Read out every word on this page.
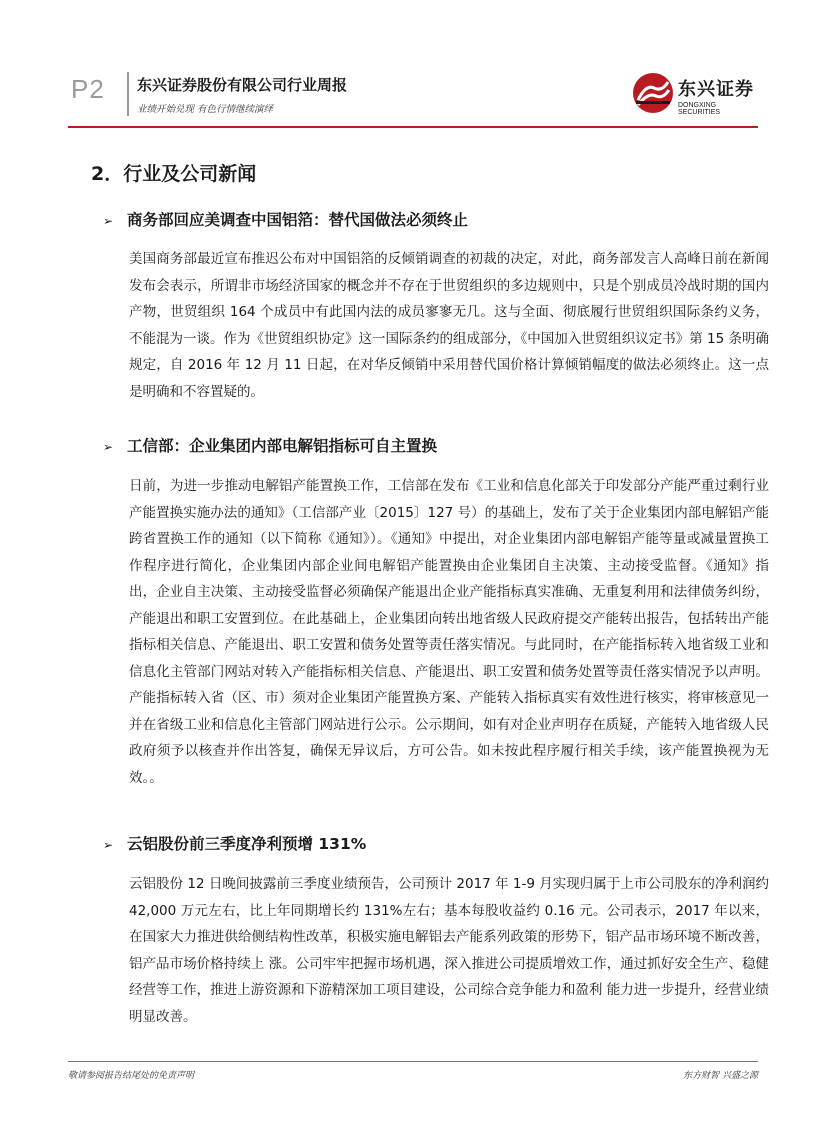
P2 东兴证券股份有限公司行业周报
业绩开始兑现 有色行情继续演绎
东兴证券
DONGXING SECURITIES
2．行业及公司新闻
➢ 商务部回应美调查中国铝箔：替代国做法必须终止

美国商务部最近宣布推迟公布对中国铝箔的反倾销调查的初裁的决定，对此，商务部发言人高峰日前在新闻发布会表示，所谓非市场经济国家的概念并不存在于世贸组织的多边规则中，只是个别成员冷战时期的国内产物，世贸组织 164 个成员中有此国内法的成员寥寥无几。这与全面、彻底履行世贸组织国际条约义务，不能混为一谈。作为《世贸组织协定》这一国际条约的组成部分，《中国加入世贸组织议定书》第 15 条明确规定，自 2016 年 12 月 11 日起，在对华反倾销中采用替代国价格计算倾销幅度的做法必须终止。这一点是明确和不容置疑的。

➢ 工信部：企业集团内部电解铝指标可自主置换

日前，为进一步推动电解铝产能置换工作，工信部在发布《工业和信息化部关于印发部分产能严重过剩行业产能置换实施办法的通知》（工信部产业〔2015〕127 号）的基础上，发布了关于企业集团内部电解铝产能跨省置换工作的通知（以下简称《通知》）。《通知》中提出，对企业集团内部电解铝产能等量或减量置换工作程序进行简化，企业集团内部企业间电解铝产能置换由企业集团自主决策、主动接受监督。《通知》指出，企业自主决策、主动接受监督必须确保产能退出企业产能指标真实准确、无重复利用和法律债务纠纷，产能退出和职工安置到位。在此基础上，企业集团向转出地省级人民政府提交产能转出报告，包括转出产能指标相关信息、产能退出、职工安置和债务处置等责任落实情况。与此同时，在产能指标转入地省级工业和信息化主管部门网站对转入产能指标相关信息、产能退出、职工安置和债务处置等责任落实情况予以声明。产能指标转入省（区、市）须对企业集团产能置换方案、产能转入指标真实有效性进行核实，将审核意见一并在省级工业和信息化主管部门网站进行公示。公示期间，如有对企业声明存在质疑，产能转入地省级人民政府须予以核查并作出答复，确保无异议后，方可公告。如未按此程序履行相关手续，该产能置换视为无效。。

➢ 云铝股份前三季度净利预增 131%

云铝股份 12 日晚间披露前三季度业绩预告，公司预计 2017 年 1-9 月实现归属于上市公司股东的净利润约 42,000 万元左右，比上年同期增长约 131%左右；基本每股收益约 0.16 元。公司表示，2017 年以来，在国家大力推进供给侧结构性改革，积极实施电解铝去产能系列政策的形势下，铝产品市场环境不断改善，铝产品市场价格持续上 涨。公司牢牢把握市场机遇，深入推进公司提质增效工作，通过抓好安全生产、稳健经营等工作，推进上游资源和下游精深加工项目建设，公司综合竞争能力和盈利 能力进一步提升，经营业绩明显改善。

敬请参阅报告结尾处的免责声明	东方财智 兴盛之源
